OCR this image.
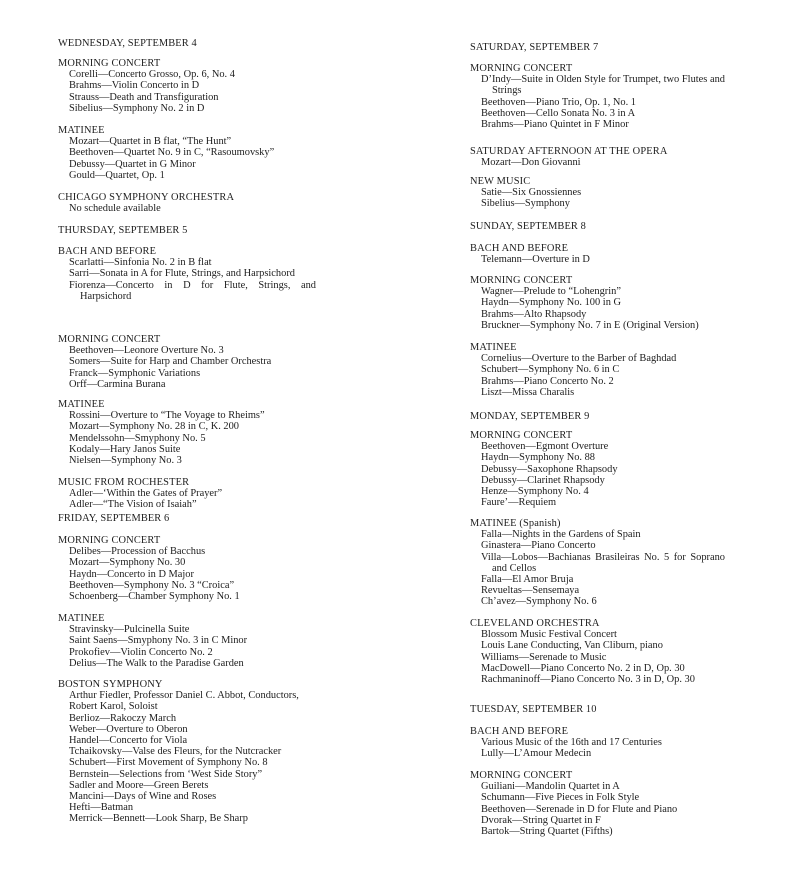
WEDNESDAY, SEPTEMBER 4
MORNING CONCERT
Corelli—Concerto Grosso, Op. 6, No. 4
Brahms—Violin Concerto in D
Strauss—Death and Transfiguration
Sibelius—Symphony No. 2 in D
MATINEE
Mozart—Quartet in B flat, “The Hunt”
Beethoven—Quartet No. 9 in C, “Rasoumovsky”
Debussy—Quartet in G Minor
Gould—Quartet, Op. 1
CHICAGO SYMPHONY ORCHESTRA
No schedule available
THURSDAY, SEPTEMBER 5
BACH AND BEFORE
Scarlatti—Sinfonia No. 2 in B flat
Sarri—Sonata in A for Flute, Strings, and Harpsichord
Fiorenza—Concerto in D for Flute, Strings, and Harpsichord
MORNING CONCERT
Beethoven—Leonore Overture No. 3
Somers—Suite for Harp and Chamber Orchestra
Franck—Symphonic Variations
Orff—Carmina Burana
MATINEE
Rossini—Overture to “The Voyage to Rheims”
Mozart—Symphony No. 28 in C, K. 200
Mendelssohn—Smyphony No. 5
Kodaly—Hary Janos Suite
Nielsen—Symphony No. 3
MUSIC FROM ROCHESTER
Adler—‘Within the Gates of Prayer”
Adler—“The Vision of Isaiah”
FRIDAY, SEPTEMBER 6
MORNING CONCERT
Delibes—Procession of Bacchus
Mozart—Symphony No. 30
Haydn—Concerto in D Major
Beethoven—Symphony No. 3 “Croica”
Schoenberg—Chamber Symphony No. 1
MATINEE
Stravinsky—Pulcinella Suite
Saint Saens—Smyphony No. 3 in C Minor
Prokofiev—Violin Concerto No. 2
Delius—The Walk to the Paradise Garden
BOSTON SYMPHONY
Arthur Fiedler, Professor Daniel C. Abbot, Conductors,
Robert Karol, Soloist
Berlioz—Rakoczy March
Weber—Overture to Oberon
Handel—Concerto for Viola
Tchaikovsky—Valse des Fleurs, for the Nutcracker
Schubert—First Movement of Symphony No. 8
Bernstein—Selections from ‘West Side Story”
Sadler and Moore—Green Berets
Mancini—Days of Wine and Roses
Hefti—Batman
Merrick—Bennett—Look Sharp, Be Sharp
SATURDAY, SEPTEMBER 7
MORNING CONCERT
D’Indy—Suite in Olden Style for Trumpet, two Flutes and Strings
Beethoven—Piano Trio, Op. 1, No. 1
Beethoven—Cello Sonata No. 3 in A
Brahms—Piano Quintet in F Minor
SATURDAY AFTERNOON AT THE OPERA
Mozart—Don Giovanni
NEW MUSIC
Satie—Six Gnossiennes
Sibelius—Symphony
SUNDAY, SEPTEMBER 8
BACH AND BEFORE
Telemann—Overture in D
MORNING CONCERT
Wagner—Prelude to “Lohengrin”
Haydn—Symphony No. 100 in G
Brahms—Alto Rhapsody
Bruckner—Symphony No. 7 in E (Original Version)
MATINEE
Cornelius—Overture to the Barber of Baghdad
Schubert—Symphony No. 6 in C
Brahms—Piano Concerto No. 2
Liszt—Missa Charalis
MONDAY, SEPTEMBER 9
MORNING CONCERT
Beethoven—Egmont Overture
Haydn—Symphony No. 88
Debussy—Saxophone Rhapsody
Debussy—Clarinet Rhapsody
Henze—Symphony No. 4
Faure’—Requiem
MATINEE (Spanish)
Falla—Nights in the Gardens of Spain
Ginastera—Piano Concerto
Villa—Lobos—Bachianas Brasileiras No. 5 for Soprano and Cellos
Falla—El Amor Bruja
Revueltas—Sensemaya
Ch’avez—Symphony No. 6
CLEVELAND ORCHESTRA
Blossom Music Festival Concert
Louis Lane Conducting, Van Cliburn, piano
Williams—Serenade to Music
MacDowell—Piano Concerto No. 2 in D, Op. 30
Rachmaninoff—Piano Concerto No. 3 in D, Op. 30
TUESDAY, SEPTEMBER 10
BACH AND BEFORE
Various Music of the 16th and 17 Centuries
Lully—L’Amour Medecin
MORNING CONCERT
Guiliani—Mandolin Quartet in A
Schumann—Five Pieces in Folk Style
Beethoven—Serenade in D for Flute and Piano
Dvorak—String Quartet in F
Bartok—String Quartet (Fifths)
